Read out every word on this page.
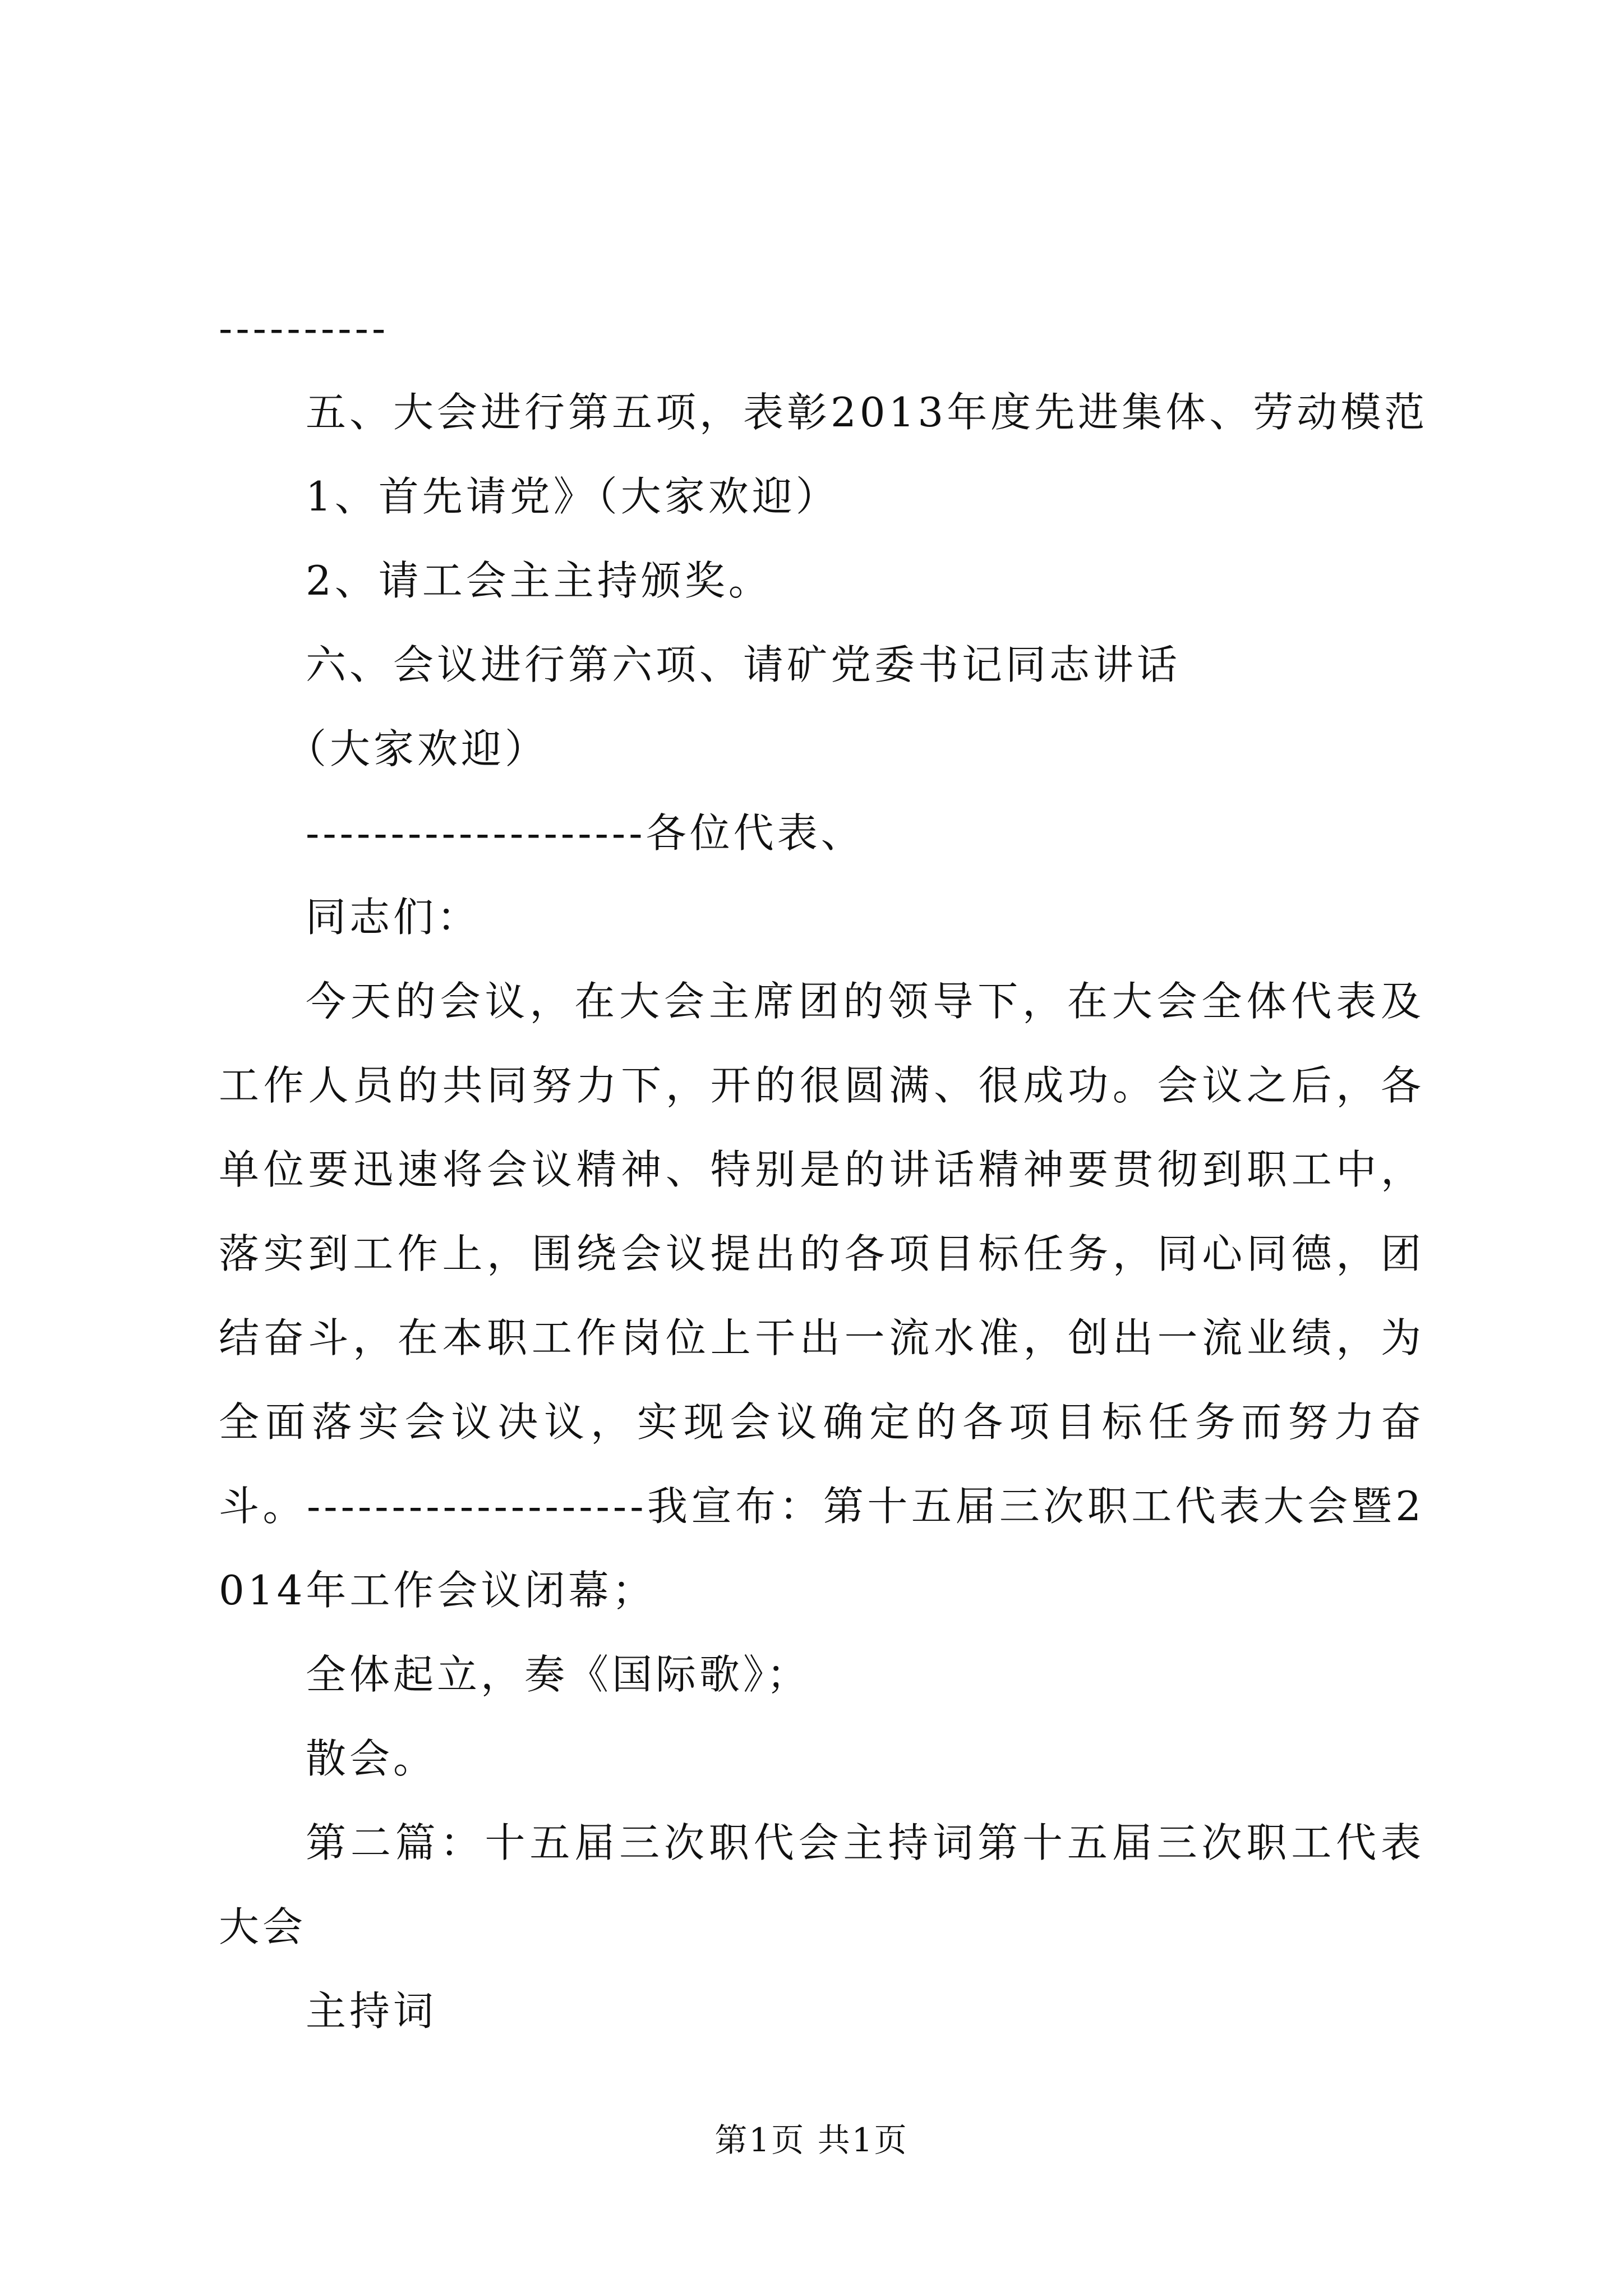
----------
五、大会进行第五项，表彰2013年度先进集体、劳动模范
1、首先请党》（大家欢迎）
2、请工会主主持颁奖。
六、会议进行第六项、请矿党委书记同志讲话
（大家欢迎）
--------------------各位代表、
同志们：
今天的会议，在大会主席团的领导下，在大会全体代表及工作人员的共同努力下，开的很圆满、很成功。会议之后，各单位要迅速将会议精神、特别是的讲话精神要贯彻到职工中，落实到工作上，围绕会议提出的各项目标任务，同心同德，团结奋斗，在本职工作岗位上干出一流水准，创出一流业绩，为全面落实会议决议，实现会议确定的各项目标任务而努力奋斗。--------------------我宣布：第十五届三次职工代表大会暨2014年工作会议闭幕；
全体起立，奏《国际歌》；
散会。
第二篇：十五届三次职代会主持词第十五届三次职工代表大会
主持词
第1页 共1页
